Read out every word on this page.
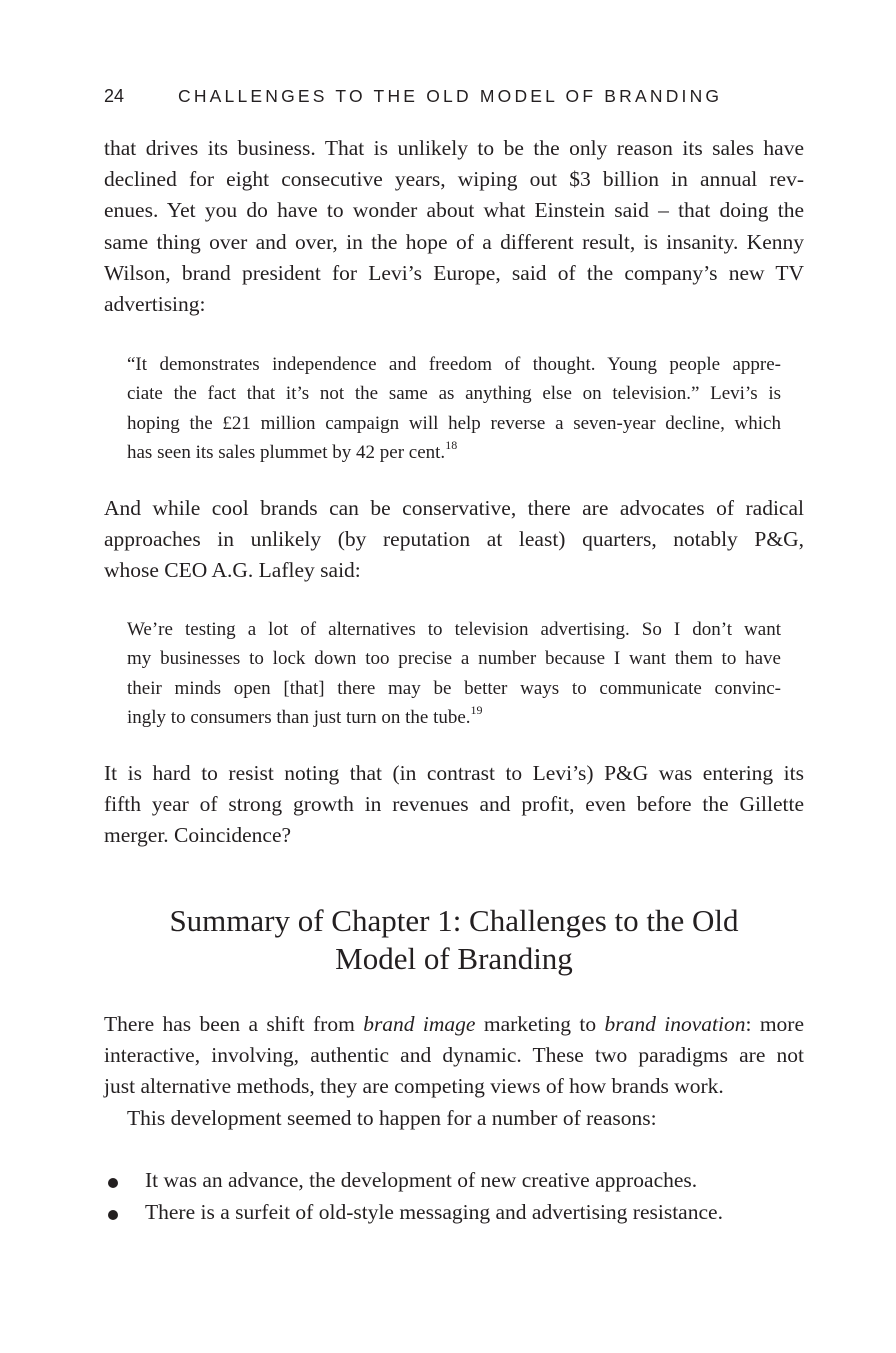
24	CHALLENGES TO THE OLD MODEL OF BRANDING

that drives its business. That is unlikely to be the only reason its sales have
declined for eight consecutive years, wiping out $3 billion in annual rev-
enues. Yet you do have to wonder about what Einstein said – that doing the
same thing over and over, in the hope of a different result, is insanity. Kenny
Wilson, brand president for Levi’s Europe, said of the company’s new TV
advertising:

“It demonstrates independence and freedom of thought. Young people appre-
ciate the fact that it’s not the same as anything else on television.” Levi’s is
hoping the £21 million campaign will help reverse a seven-year decline, which
has seen its sales plummet by 42 per cent.$^{18}$

And while cool brands can be conservative, there are advocates of radical
approaches in unlikely (by reputation at least) quarters, notably P&G,
whose CEO A.G. Lafley said:

We’re testing a lot of alternatives to television advertising. So I don’t want
my businesses to lock down too precise a number because I want them to have
their minds open [that] there may be better ways to communicate convinc-
ingly to consumers than just turn on the tube.$^{19}$

It is hard to resist noting that (in contrast to Levi’s) P&G was entering its
fifth year of strong growth in revenues and profit, even before the Gillette
merger. Coincidence?

Summary of Chapter 1: Challenges to the Old
Model of Branding

There has been a shift from brand image marketing to brand inovation: more
interactive, involving, authentic and dynamic. These two paradigms are not
just alternative methods, they are competing views of how brands work.
This development seemed to happen for a number of reasons:

It was an advance, the development of new creative approaches.
There is a surfeit of old-style messaging and advertising resistance.
